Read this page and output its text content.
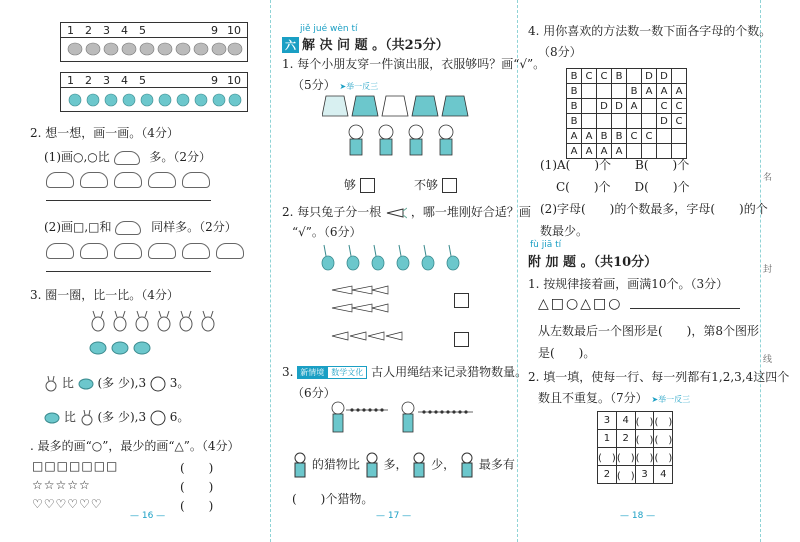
1 2 3 4 5	9 10
1 2 3 4 5	9 10
2. 想一想，画一画。（4分）
(1)画○,○比	多。（2分）
(2)画□,□和	同样多。（2分）
3. 圈一圈，比一比。（4分）
比 (多 少),3 3。
比 (多 少),3 6。
. 最多的画“○”，最少的画“△”。（4分）
□□□□□□□	(　　)
☆☆☆☆☆	(　　)
♡♡♡♡♡♡	(　　)
— 16 —
jiě jué wèn tí
六 解 决 问 题 。（共25分）
1. 每个小朋友穿一件演出服，衣服够吗？画“√”。
（5分） ➤举一反三
够	不够
2. 每只兔子分一根 ，哪一堆刚好合适？画
“√”。（6分）
3. 新情境 数学文化 古人用绳结来记录猎物数量。
（6分）
的猎物比 多， 少， 最多有
(　　)个猎物。
— 17 —
4. 用你喜欢的方法数一数下面各字母的个数。
（8分）
B	C	C	B		D	D	
B				B	A	A	A
B		D	D	A		C	C
B						D	C
A	A	B	B	C	C		
A	A	A	A				
(1)A(　　)个　　B(　　)个
C(　　)个　　D(　　)个
(2)字母(　　)的个数最多，字母(　　)的个
数最少。
fù jiā tí
附 加 题 。（共10分）
1. 按规律接着画，画满10个。（3分）
△□○△□○
从左数最后一个图形是(　　)，第8个图形
是(　　)。
2. 填一填，使每一行、每一列都有1,2,3,4这四个
数且不重复。（7分） ➤举一反三
3	4	(　)	(　)
1	2	(　)	(　)
(　)	(　)	(　)	(　)
2	(　)	3	4
名
封
线
— 18 —
